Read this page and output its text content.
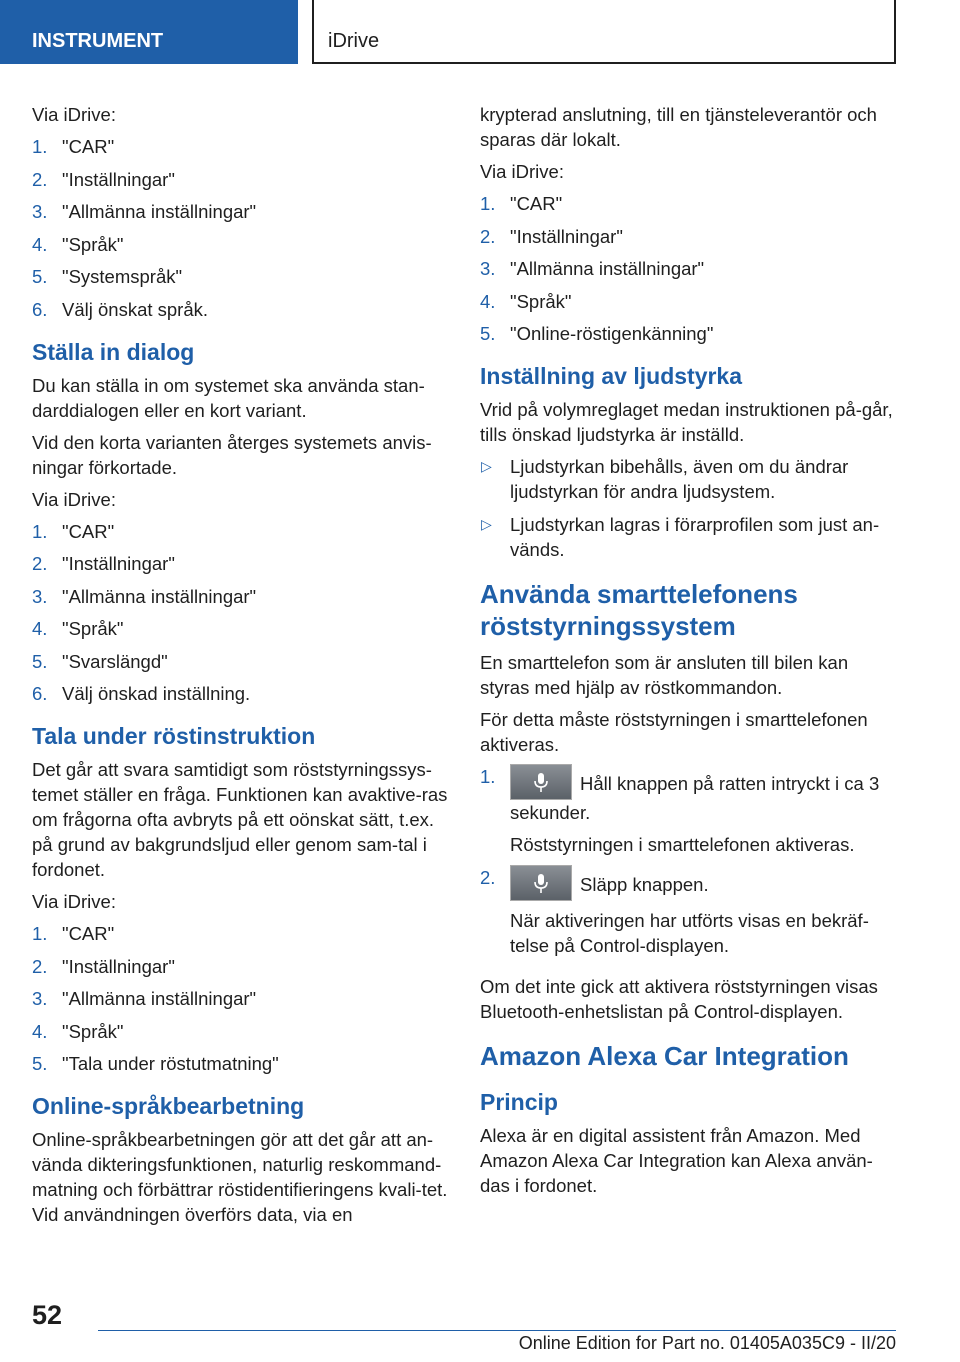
INSTRUMENT	iDrive

Via iDrive:

1. "CAR"
2. "Inställningar"
3. "Allmänna inställningar"
4. "Språk"
5. "Systemspråk"
6. Välj önskat språk.
Ställa in dialog

Du kan ställa in om systemet ska använda stan-darddialogen eller en kort variant.

Vid den korta varianten återges systemets anvis-ningar förkortade.

Via iDrive:

1. "CAR"
2. "Inställningar"
3. "Allmänna inställningar"
4. "Språk"
5. "Svarslängd"
6. Välj önskad inställning.
Tala under röstinstruktion

Det går att svara samtidigt som röststyrningssys-temet ställer en fråga. Funktionen kan avaktive-ras om frågorna ofta avbryts på ett oönskat sätt, t.ex. på grund av bakgrundsljud eller genom sam-tal i fordonet.

Via iDrive:

1. "CAR"
2. "Inställningar"
3. "Allmänna inställningar"
4. "Språk"
5. "Tala under röstutmatning"
Online-språkbearbetning

Online-språkbearbetningen gör att det går att an-vända dikteringsfunktionen, naturlig reskommand-matning och förbättrar röstidentifieringens kvali-tet. Vid användningen överförs data, via en

krypterad anslutning, till en tjänsteleverantör och sparas där lokalt.

Via iDrive:

1. "CAR"
2. "Inställningar"
3. "Allmänna inställningar"
4. "Språk"
5. "Online-röstigenkänning"
Inställning av ljudstyrka

Vrid på volymreglaget medan instruktionen på-går, tills önskad ljudstyrka är inställd.

▷ Ljudstyrkan bibehålls, även om du ändrar ljudstyrkan för andra ljudsystem.
▷ Ljudstyrkan lagras i förarprofilen som just an-vänds.
Använda smarttelefonens röststyrningssystem

En smarttelefon som är ansluten till bilen kan styras med hjälp av röstkommandon.

För detta måste röststyrningen i smarttelefonen aktiveras.

1.	Håll knappen på ratten intryckt i ca 3 sekunder.
Röststyrningen i smarttelefonen aktiveras.
2.	Släpp knappen.
När aktiveringen har utförts visas en bekräf-telse på Control-displayen.

Om det inte gick att aktivera röststyrningen visas Bluetooth-enhetslistan på Control-displayen.

Amazon Alexa Car Integration
Princip

Alexa är en digital assistent från Amazon. Med Amazon Alexa Car Integration kan Alexa använ-das i fordonet.

52
Online Edition for Part no. 01405A035C9 - II/20
